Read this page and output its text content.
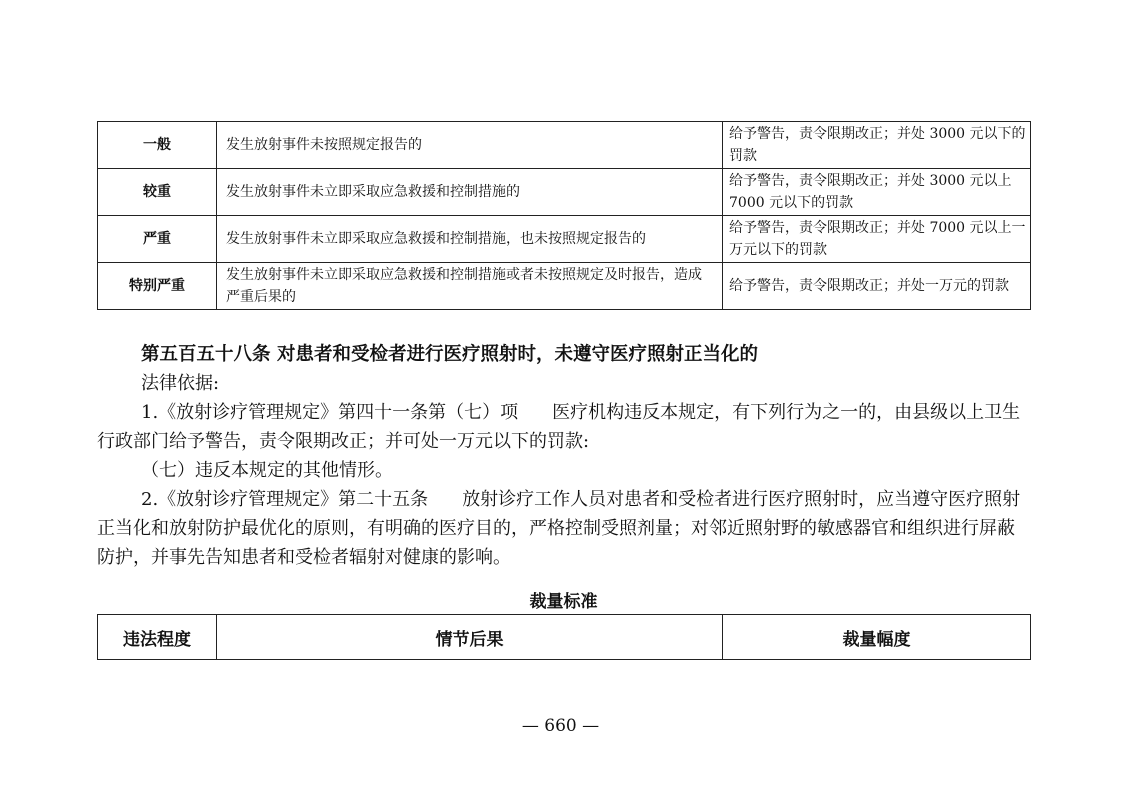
一般	发生放射事件未按照规定报告的	给予警告，责令限期改正；并处 3000 元以下的罚款
较重	发生放射事件未立即采取应急救援和控制措施的	给予警告，责令限期改正；并处 3000 元以上 7000 元以下的罚款
严重	发生放射事件未立即采取应急救援和控制措施，也未按照规定报告的	给予警告，责令限期改正；并处 7000 元以上一万元以下的罚款
特别严重	发生放射事件未立即采取应急救援和控制措施或者未按照规定及时报告，造成严重后果的	给予警告，责令限期改正；并处一万元的罚款
第五百五十八条 对患者和受检者进行医疗照射时，未遵守医疗照射正当化的

法律依据:

1.《放射诊疗管理规定》第四十一条第（七）项 医疗机构违反本规定，有下列行为之一的，由县级以上卫生行政部门给予警告，责令限期改正；并可处一万元以下的罚款:

（七）违反本规定的其他情形。

2.《放射诊疗管理规定》第二十五条 放射诊疗工作人员对患者和受检者进行医疗照射时，应当遵守医疗照射正当化和放射防护最优化的原则，有明确的医疗目的，严格控制受照剂量；对邻近照射野的敏感器官和组织进行屏蔽防护，并事先告知患者和受检者辐射对健康的影响。

裁量标准
违法程度	情节后果	裁量幅度
— 660 —
